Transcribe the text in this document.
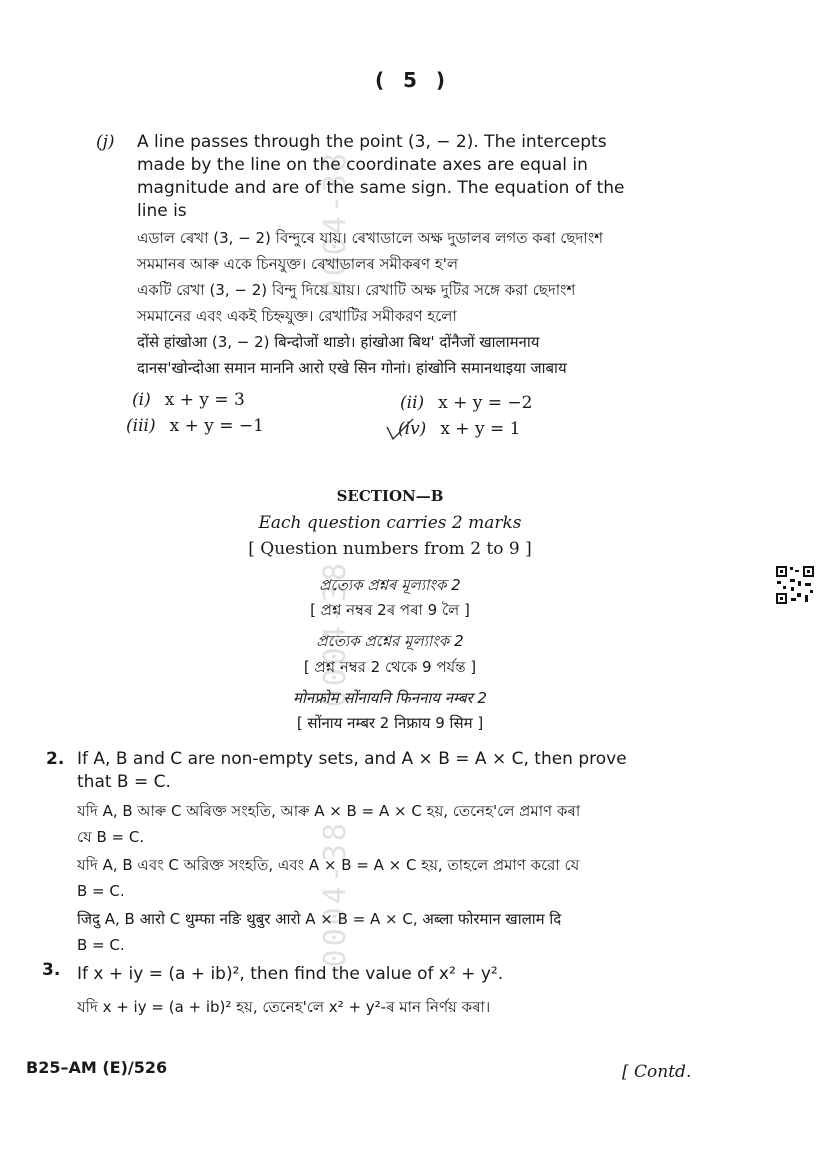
( 5 )
0004-38
0004-38
0004-38
(j) A line passes through the point (3, − 2). The intercepts
made by the line on the coordinate axes are equal in
magnitude and are of the same sign. The equation of the
line is
এডাল ৰেখা (3, − 2) বিন্দুৰে যায়। ৰেখাডালে অক্ষ দুডালৰ লগত কৰা ছেদাংশ
সমমানৰ আৰু একে চিনযুক্ত। ৰেখাডালৰ সমীকৰণ হ'ল
একটি রেখা (3, − 2) বিন্দু দিয়ে যায়। রেখাটি অক্ষ দুটির সঙ্গে করা ছেদাংশ
সমমানের এবং একই চিহ্নযুক্ত। রেখাটির সমীকরণ হলো
दोंसे हांखोआ (3, − 2) बिन्दोजों थाङो। हांखोआ बिथ' दोंनैजों खालामनाय
दानस'खोन्दोआ समान माननि आरो एखे सिन गोनां। हांखोनि समानथाइया जाबाय
(i) x + y = 3	(ii) x + y = −2
(iii) x + y = −1	(iv) x + y = 1
SECTION—B
Each question carries 2 marks
[ Question numbers from 2 to 9 ]
প্ৰত্যেক প্ৰশ্নৰ মূল্যাংক 2
[ প্ৰশ্ন নম্বৰ 2ৰ পৰা 9 লৈ ]
প্রত্যেক প্রশ্নের মূল্যাংক 2
[ প্রশ্ন নম্বর 2 থেকে 9 পর্যন্ত ]
मोनफ्रोम सोंनायनि फिननाय नम्बर 2
[ सोंनाय नम्बर 2 निफ्राय 9 सिम ]
2. If A, B and C are non-empty sets, and A × B = A × C, then prove
that B = C.
যদি A, B আৰু C অৰিক্ত সংহতি, আৰু A × B = A × C হয়, তেনেহ'লে প্ৰমাণ কৰা
যে B = C.
যদি A, B এবং C অরিক্ত সংহতি, এবং A × B = A × C হয়, তাহলে প্রমাণ করো যে
B = C.
जिदु A, B आरो C थुम्फा नङि थुबुर आरो A × B = A × C, अब्ला फोरमान खालाम दि
B = C.
3. If x + iy = (a + ib)², then find the value of x² + y².
যদি x + iy = (a + ib)² হয়, তেনেহ'লে x² + y²-ৰ মান নিৰ্ণয় কৰা।
B25–AM (E)/526	[ Contd.
